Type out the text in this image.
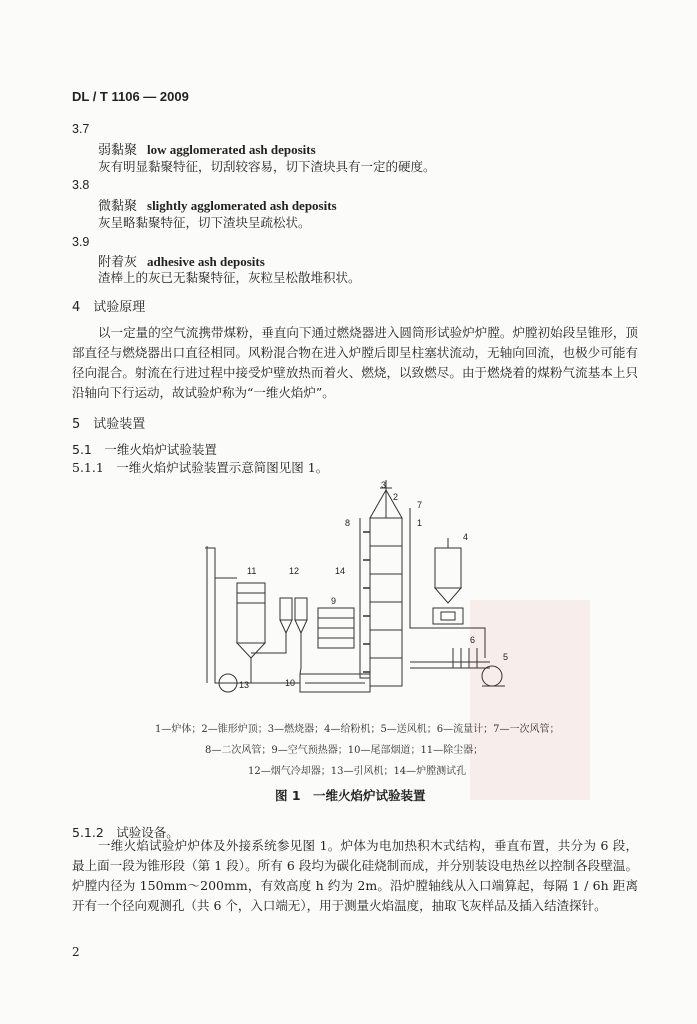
DL / T 1106 — 2009
3.7
弱黏聚 low agglomerated ash deposits
灰有明显黏聚特征，切刮较容易，切下渣块具有一定的硬度。
3.8
微黏聚 slightly agglomerated ash deposits
灰呈略黏聚特征，切下渣块呈疏松状。
3.9
附着灰 adhesive ash deposits
渣棒上的灰已无黏聚特征，灰粒呈松散堆积状。
4　试验原理
以一定量的空气流携带煤粉，垂直向下通过燃烧器进入圆筒形试验炉炉膛。炉膛初始段呈锥形，顶部直径与燃烧器出口直径相同。风粉混合物在进入炉膛后即呈柱塞状流动，无轴向回流，也极少可能有径向混合。射流在行进过程中接受炉壁放热而着火、燃烧，以致燃尽。由于燃烧着的煤粉气流基本上只沿轴向下行运动，故试验炉称为“一维火焰炉”。
5　试验装置
5.1　一维火焰炉试验装置
5.1.1　一维火焰炉试验装置示意简图见图 1。
3
2
7
1
8
4
14
9
6
5
10
13
11	12
1—炉体；2—锥形炉顶；3—燃烧器；4—给粉机；5—送风机；6—流量计；7—一次风管；
8—二次风管；9—空气预热器；10—尾部烟道；11—除尘器；
12—烟气冷却器；13—引风机；14—炉膛测试孔
图 1　一维火焰炉试验装置
5.1.2　试验设备。
一维火焰试验炉炉体及外接系统参见图 1。炉体为电加热积木式结构，垂直布置，共分为 6 段，最上面一段为锥形段（第 1 段）。所有 6 段均为碳化硅烧制而成，并分别装设电热丝以控制各段壁温。炉膛内径为 150mm～200mm，有效高度 h 约为 2m。沿炉膛轴线从入口端算起，每隔 1 / 6h 距离开有一个径向观测孔（共 6 个，入口端无），用于测量火焰温度，抽取飞灰样品及插入结渣探针。
2
